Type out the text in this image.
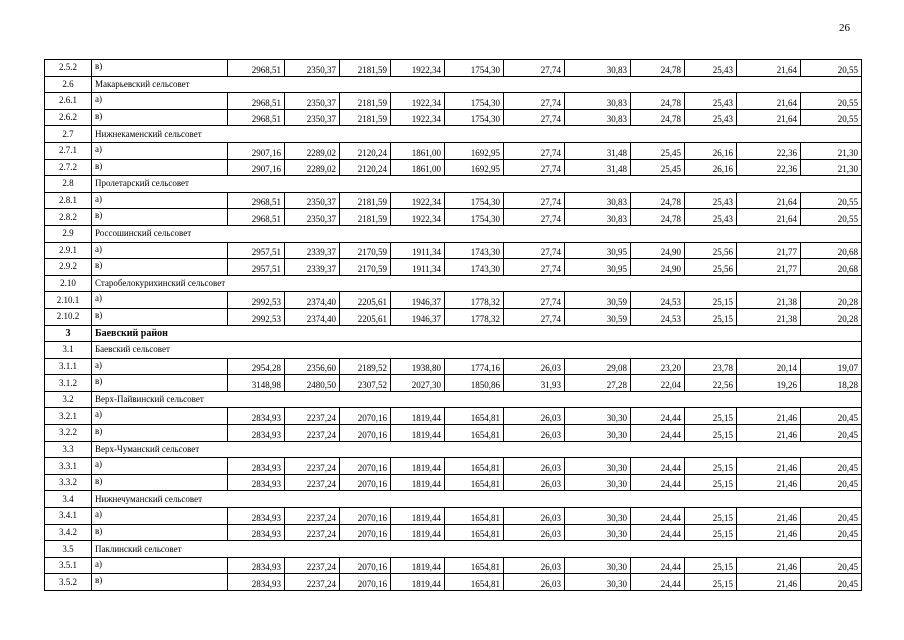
26
2.5.2	в)	2968,51	2350,37	2181,59	1922,34	1754,30	27,74	30,83	24,78	25,43	21,64	20,55
2.6	Макарьевский сельсовет											
2.6.1	а)	2968,51	2350,37	2181,59	1922,34	1754,30	27,74	30,83	24,78	25,43	21,64	20,55
2.6.2	в)	2968,51	2350,37	2181,59	1922,34	1754,30	27,74	30,83	24,78	25,43	21,64	20,55
2.7	Нижнекаменский сельсовет											
2.7.1	а)	2907,16	2289,02	2120,24	1861,00	1692,95	27,74	31,48	25,45	26,16	22,36	21,30
2.7.2	в)	2907,16	2289,02	2120,24	1861,00	1692,95	27,74	31,48	25,45	26,16	22,36	21,30
2.8	Пролетарский сельсовет											
2.8.1	а)	2968,51	2350,37	2181,59	1922,34	1754,30	27,74	30,83	24,78	25,43	21,64	20,55
2.8.2	в)	2968,51	2350,37	2181,59	1922,34	1754,30	27,74	30,83	24,78	25,43	21,64	20,55
2.9	Россошинский сельсовет											
2.9.1	а)	2957,51	2339,37	2170,59	1911,34	1743,30	27,74	30,95	24,90	25,56	21,77	20,68
2.9.2	в)	2957,51	2339,37	2170,59	1911,34	1743,30	27,74	30,95	24,90	25,56	21,77	20,68
2.10	Старобелокурихинский сельсовет											
2.10.1	а)	2992,53	2374,40	2205,61	1946,37	1778,32	27,74	30,59	24,53	25,15	21,38	20,28
2.10.2	в)	2992,53	2374,40	2205,61	1946,37	1778,32	27,74	30,59	24,53	25,15	21,38	20,28
3	Баевский район											
3.1	Баевский сельсовет											
3.1.1	а)	2954,28	2356,60	2189,52	1938,80	1774,16	26,03	29,08	23,20	23,78	20,14	19,07
3.1.2	в)	3148,98	2480,50	2307,52	2027,30	1850,86	31,93	27,28	22,04	22,56	19,26	18,28
3.2	Верх-Пайвинский сельсовет											
3.2.1	а)	2834,93	2237,24	2070,16	1819,44	1654,81	26,03	30,30	24,44	25,15	21,46	20,45
3.2.2	в)	2834,93	2237,24	2070,16	1819,44	1654,81	26,03	30,30	24,44	25,15	21,46	20,45
3.3	Верх-Чуманский сельсовет											
3.3.1	а)	2834,93	2237,24	2070,16	1819,44	1654,81	26,03	30,30	24,44	25,15	21,46	20,45
3.3.2	в)	2834,93	2237,24	2070,16	1819,44	1654,81	26,03	30,30	24,44	25,15	21,46	20,45
3.4	Нижнечуманский сельсовет											
3.4.1	а)	2834,93	2237,24	2070,16	1819,44	1654,81	26,03	30,30	24,44	25,15	21,46	20,45
3.4.2	в)	2834,93	2237,24	2070,16	1819,44	1654,81	26,03	30,30	24,44	25,15	21,46	20,45
3.5	Паклинский сельсовет											
3.5.1	а)	2834,93	2237,24	2070,16	1819,44	1654,81	26,03	30,30	24,44	25,15	21,46	20,45
3.5.2	в)	2834,93	2237,24	2070,16	1819,44	1654,81	26,03	30,30	24,44	25,15	21,46	20,45
